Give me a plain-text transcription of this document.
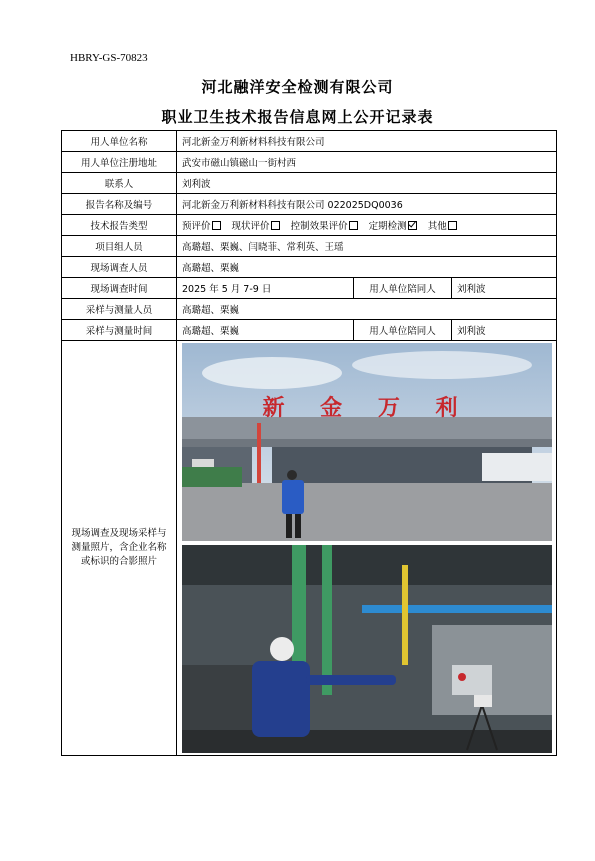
HBRY-GS-70823
河北融洋安全检测有限公司
职业卫生技术报告信息网上公开记录表
用人单位名称	河北新金万利新材料科技有限公司		
用人单位注册地址	武安市磁山镇磁山一街村西		
联系人	刘利波		
报告名称及编号	河北新金万利新材料科技有限公司 022025DQ0036		
技术报告类型	预评价 现状评价 控制效果评价 定期检测 其他		
项目组人员	高璐超、栗巍、闫晓菲、常利英、王瑶		
现场调查人员	高璐超、栗巍		
现场调查时间	2025 年 5 月 7-9 日	用人单位陪同人	刘利波
采样与测量人员	高璐超、栗巍		
采样与测量时间	高璐超、栗巍	用人单位陪同人	刘利波
现场调查及现场采样与测量照片，含企业名称或标识的合影照片	新 金 万 利		
